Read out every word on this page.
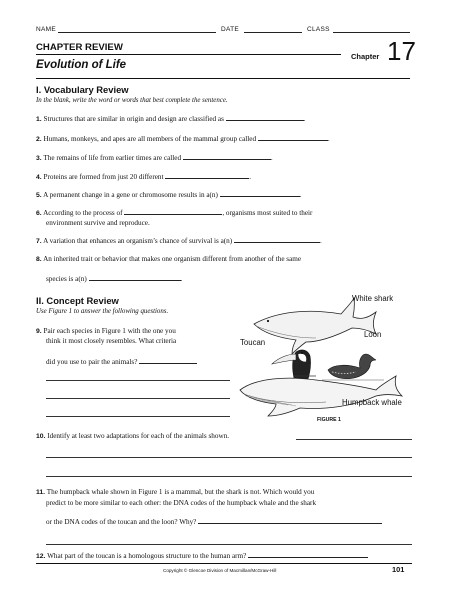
NAME	DATE	CLASS
CHAPTER REVIEW
Evolution of Life
Chapter 17
I. Vocabulary Review
In the blank, write the word or words that best complete the sentence.
1. Structures that are similar in origin and design are classified as	.
2. Humans, monkeys, and apes are all members of the mammal group called	.
3. The remains of life from earlier times are called	.
4. Proteins are formed from just 20 different	.
5. A permanent change in a gene or chromosome results in a(n)	.
6. According to the process of	, organisms most suited to their
environment survive and reproduce.
7. A variation that enhances an organism’s chance of survival is a(n)	.
8. An inherited trait or behavior that makes one organism different from another of the same
species is a(n)	.
II. Concept Review
Use Figure 1 to answer the following questions.
9. Pair each species in Figure 1 with the one you
think it most closely resembles. What criteria
did you use to pair the animals?
White shark
Loon
Toucan
Humpback whale
FIGURE 1
10. Identify at least two adaptations for each of the animals shown.
11. The humpback whale shown in Figure 1 is a mammal, but the shark is not. Which would you
predict to be more similar to each other: the DNA codes of the humpback whale and the shark
or the DNA codes of the toucan and the loon? Why?
12. What part of the toucan is a homologous structure to the human arm?
Copyright © Glencoe Division of Macmillan/McGraw-Hill	101
